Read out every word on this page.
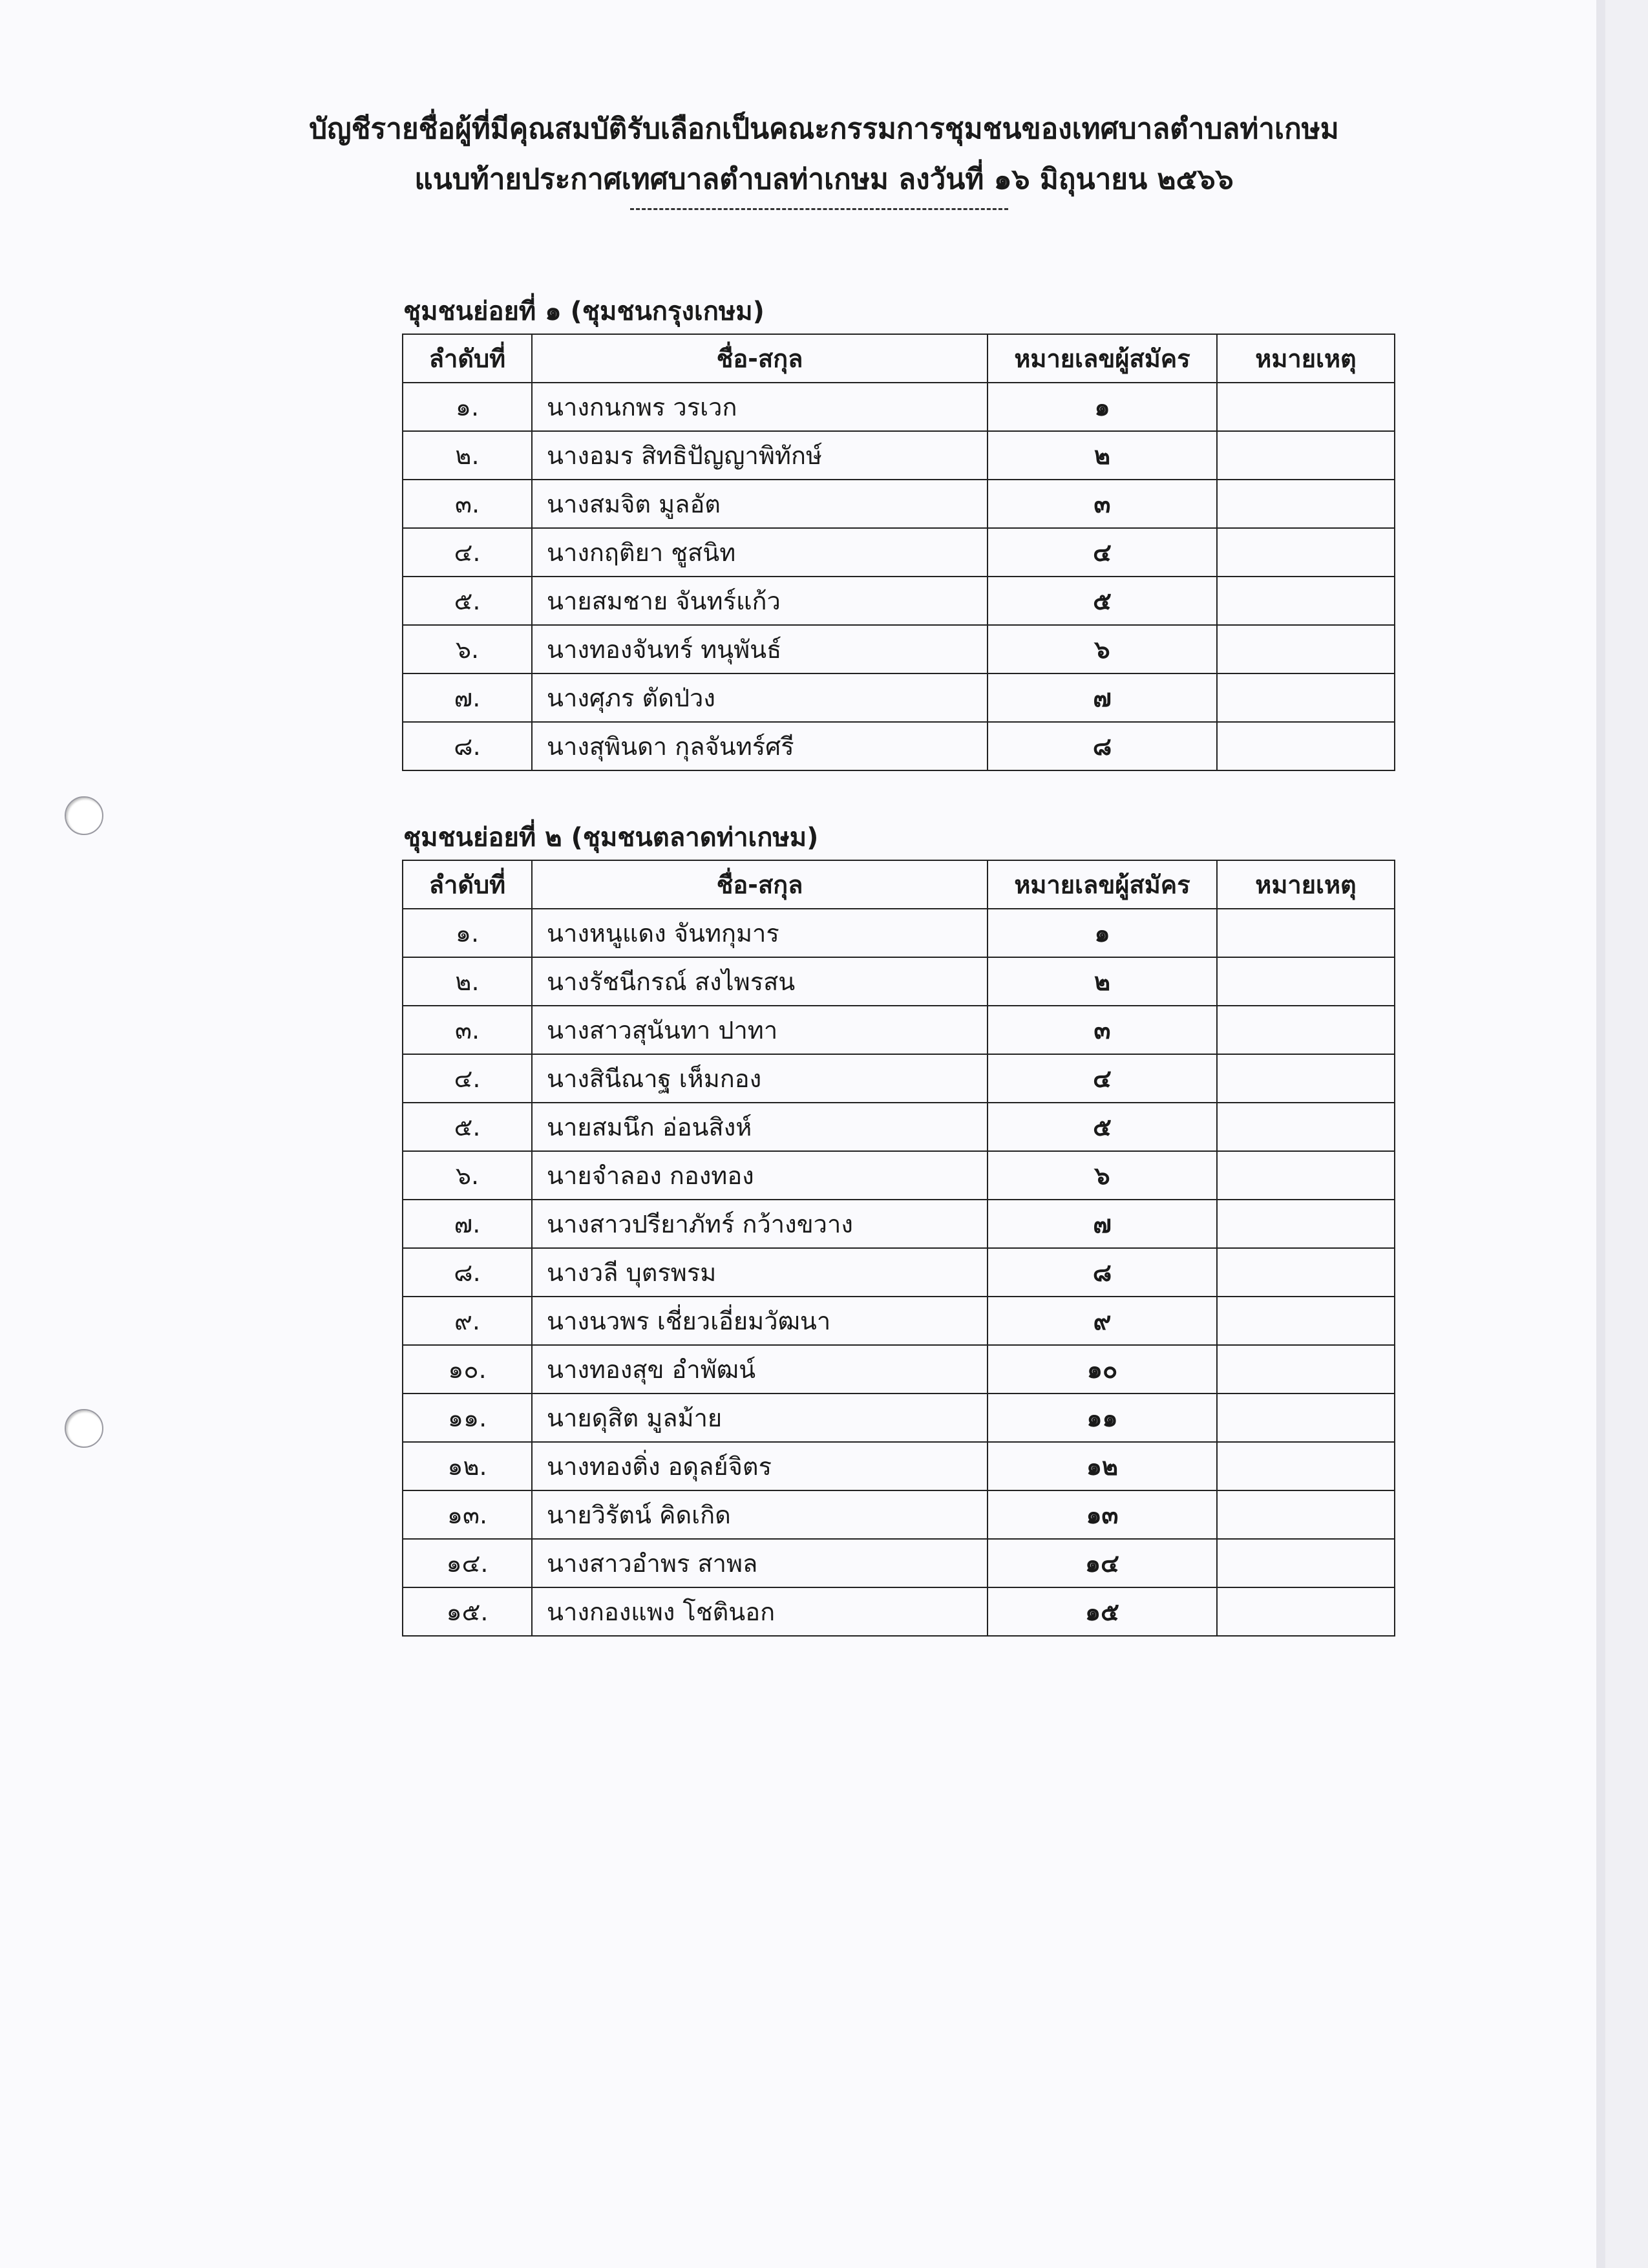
บัญชีรายชื่อผู้ที่มีคุณสมบัติรับเลือกเป็นคณะกรรมการชุมชนของเทศบาลตำบลท่าเกษม
แนบท้ายประกาศเทศบาลตำบลท่าเกษม ลงวันที่ ๑๖ มิถุนายน ๒๕๖๖
ชุมชนย่อยที่ ๑ (ชุมชนกรุงเกษม)
ลำดับที่	ชื่อ-สกุล	หมายเลขผู้สมัคร	หมายเหตุ
๑.	นางกนกพร วรเวก	๑	
๒.	นางอมร สิทธิปัญญาพิทักษ์	๒	
๓.	นางสมจิต มูลอัต	๓	
๔.	นางกฤติยา ชูสนิท	๔	
๕.	นายสมชาย จันทร์แก้ว	๕	
๖.	นางทองจันทร์ ทนุพันธ์	๖	
๗.	นางศุภร ตัดป่วง	๗	
๘.	นางสุพินดา กุลจันทร์ศรี	๘	
ชุมชนย่อยที่ ๒ (ชุมชนตลาดท่าเกษม)
ลำดับที่	ชื่อ-สกุล	หมายเลขผู้สมัคร	หมายเหตุ
๑.	นางหนูแดง จันทกุมาร	๑	
๒.	นางรัชนีกรณ์ สงไพรสน	๒	
๓.	นางสาวสุนันทา ปาทา	๓	
๔.	นางสินีณาฐ เห็มกอง	๔	
๕.	นายสมนึก อ่อนสิงห์	๕	
๖.	นายจำลอง กองทอง	๖	
๗.	นางสาวปรียาภัทร์ กว้างขวาง	๗	
๘.	นางวลี บุตรพรม	๘	
๙.	นางนวพร เชี่ยวเอี่ยมวัฒนา	๙	
๑๐.	นางทองสุข อำพัฒน์	๑๐	
๑๑.	นายดุสิต มูลม้าย	๑๑	
๑๒.	นางทองติ่ง อดุลย์จิตร	๑๒	
๑๓.	นายวิรัตน์ คิดเกิด	๑๓	
๑๔.	นางสาวอำพร สาพล	๑๔	
๑๕.	นางกองแพง โชตินอก	๑๕	
